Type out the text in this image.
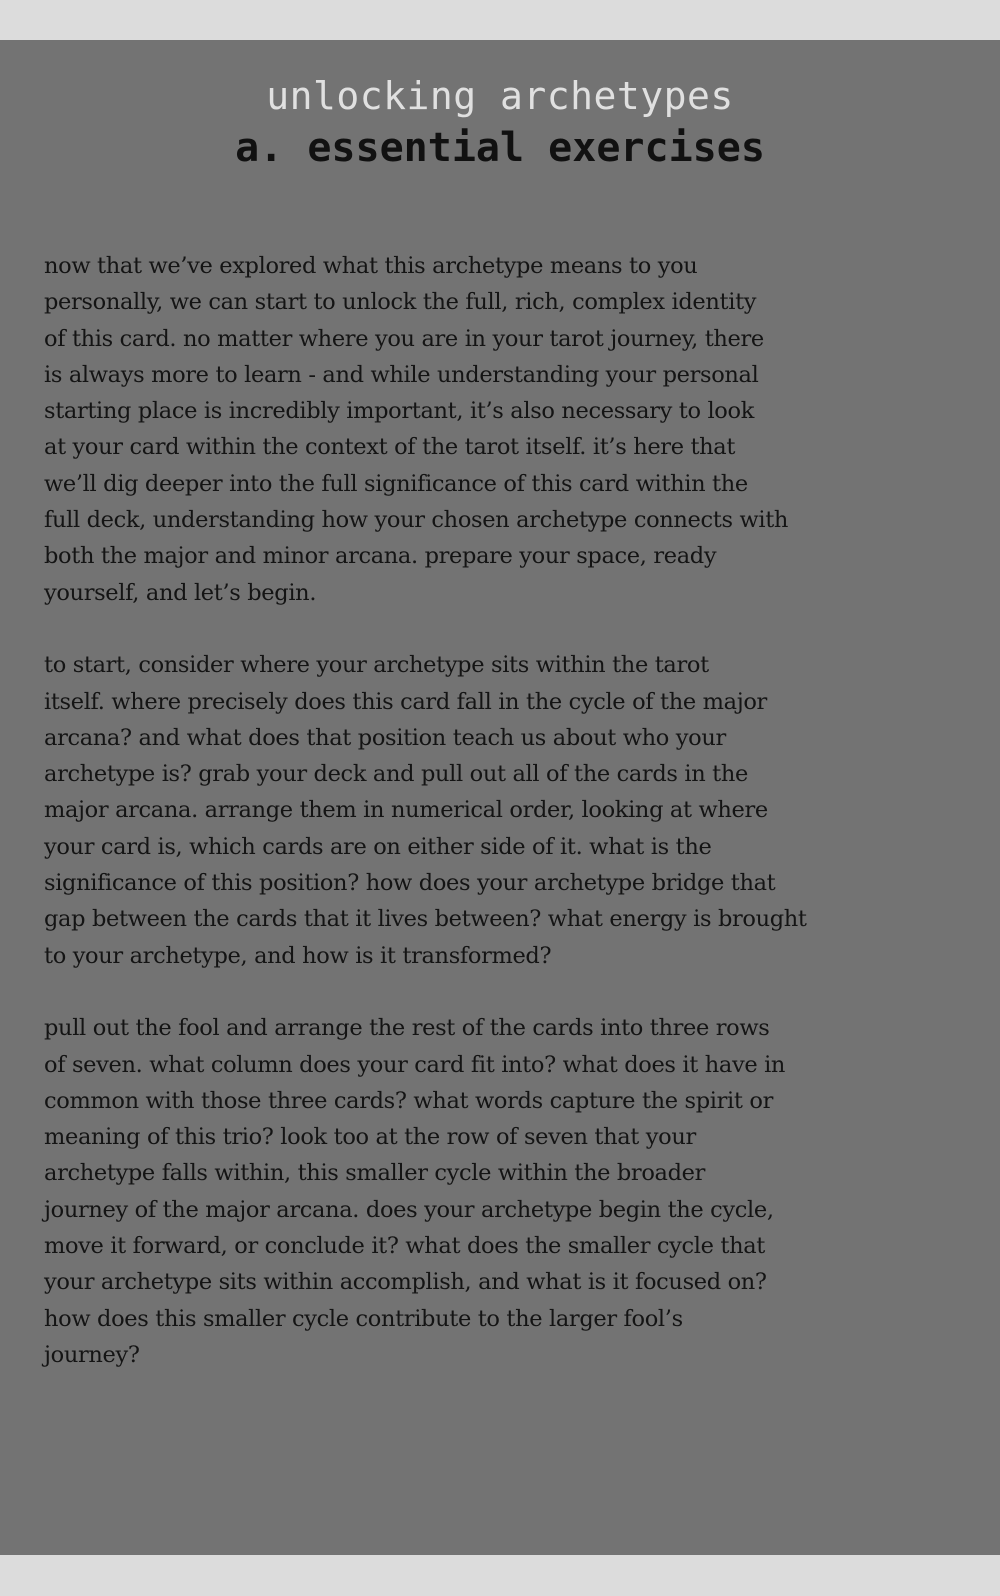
unlocking archetypes
a. essential exercises

now that we’ve explored what this archetype means to you
personally, we can start to unlock the full, rich, complex identity
of this card. no matter where you are in your tarot journey, there
is always more to learn - and while understanding your personal
starting place is incredibly important, it’s also necessary to look
at your card within the context of the tarot itself. it’s here that
we’ll dig deeper into the full significance of this card within the
full deck, understanding how your chosen archetype connects with
both the major and minor arcana. prepare your space, ready
yourself, and let’s begin.

to start, consider where your archetype sits within the tarot
itself. where precisely does this card fall in the cycle of the major
arcana? and what does that position teach us about who your
archetype is? grab your deck and pull out all of the cards in the
major arcana. arrange them in numerical order, looking at where
your card is, which cards are on either side of it. what is the
significance of this position? how does your archetype bridge that
gap between the cards that it lives between? what energy is brought
to your archetype, and how is it transformed?

pull out the fool and arrange the rest of the cards into three rows
of seven. what column does your card fit into? what does it have in
common with those three cards? what words capture the spirit or
meaning of this trio? look too at the row of seven that your
archetype falls within, this smaller cycle within the broader
journey of the major arcana. does your archetype begin the cycle,
move it forward, or conclude it? what does the smaller cycle that
your archetype sits within accomplish, and what is it focused on?
how does this smaller cycle contribute to the larger fool’s
journey?
